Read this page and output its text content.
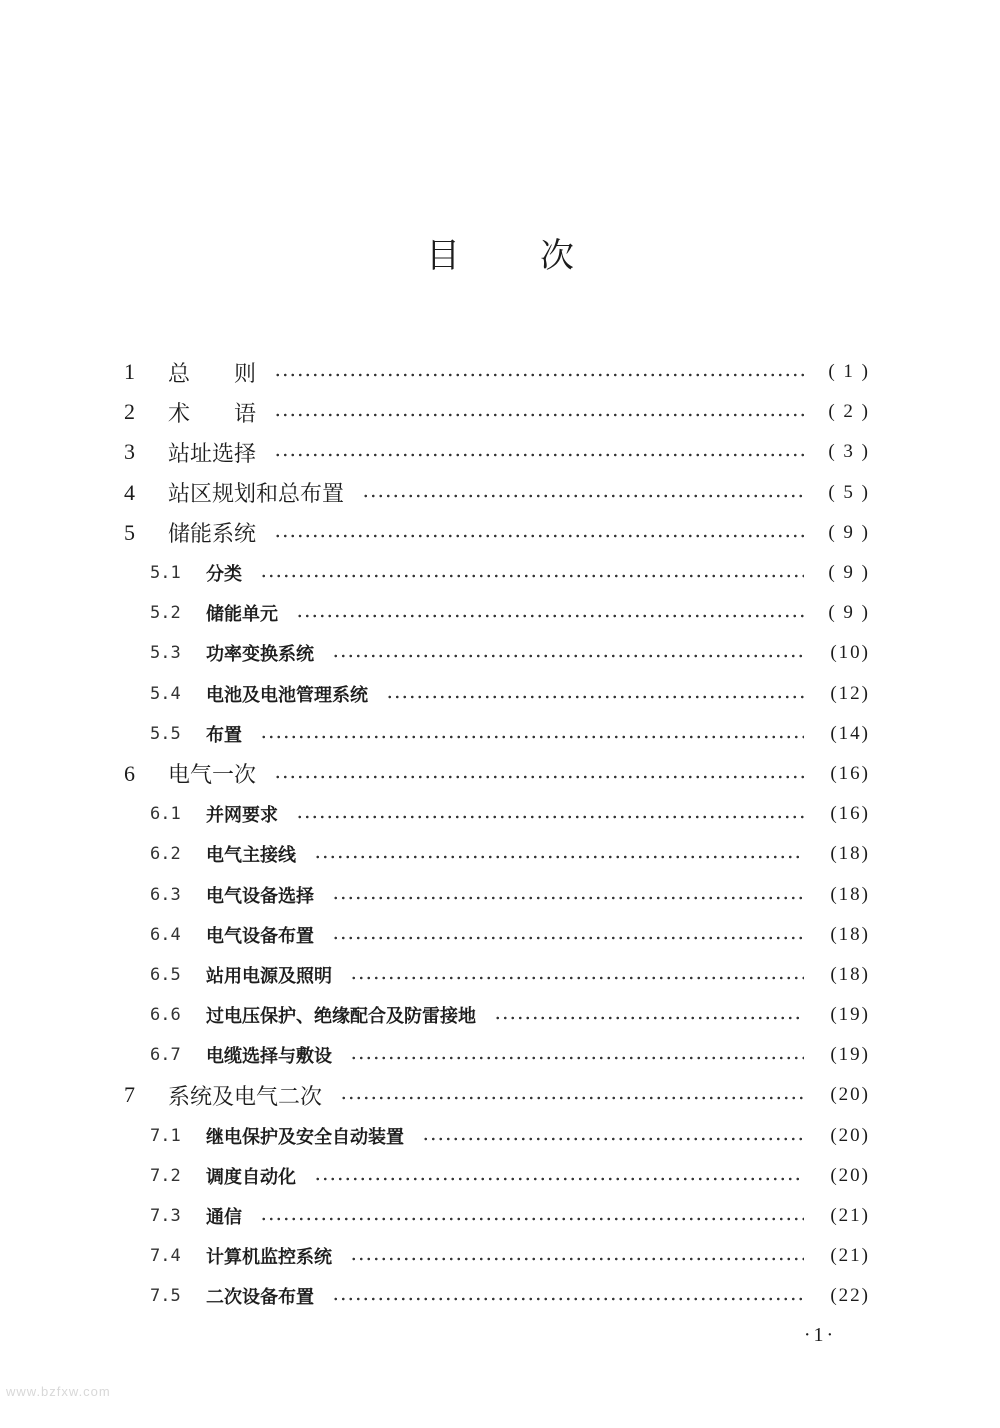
目 次
1	总　　则	( 1 )
2	术　　语	( 2 )
3	站址选择	( 3 )
4	站区规划和总布置	( 5 )
5	储能系统	( 9 )
5.1	分类	( 9 )
5.2	储能单元	( 9 )
5.3	功率变换系统	(10)
5.4	电池及电池管理系统	(12)
5.5	布置	(14)
6	电气一次	(16)
6.1	并网要求	(16)
6.2	电气主接线	(18)
6.3	电气设备选择	(18)
6.4	电气设备布置	(18)
6.5	站用电源及照明	(18)
6.6	过电压保护、绝缘配合及防雷接地	(19)
6.7	电缆选择与敷设	(19)
7	系统及电气二次	(20)
7.1	继电保护及安全自动装置	(20)
7.2	调度自动化	(20)
7.3	通信	(21)
7.4	计算机监控系统	(21)
7.5	二次设备布置	(22)
·1·
www.bzfxw.com
